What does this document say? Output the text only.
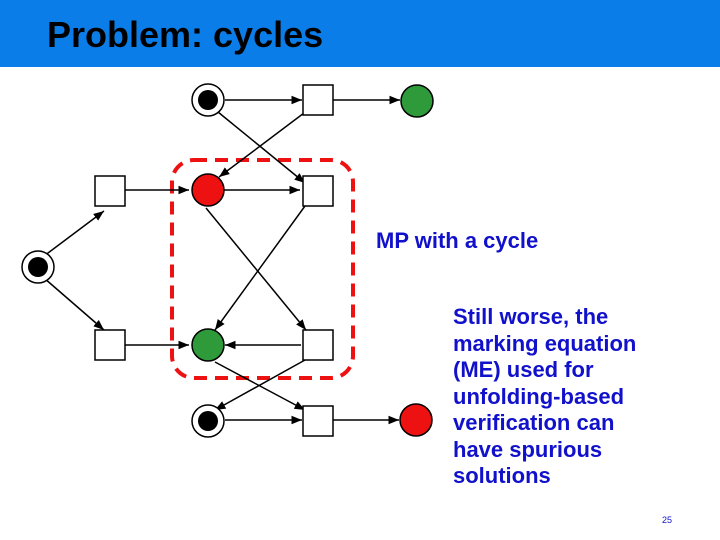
Problem: cycles
MP with a cycle
Still worse, the
marking equation
(ME) used for
unfolding-based
verification can
have spurious
solutions
25
